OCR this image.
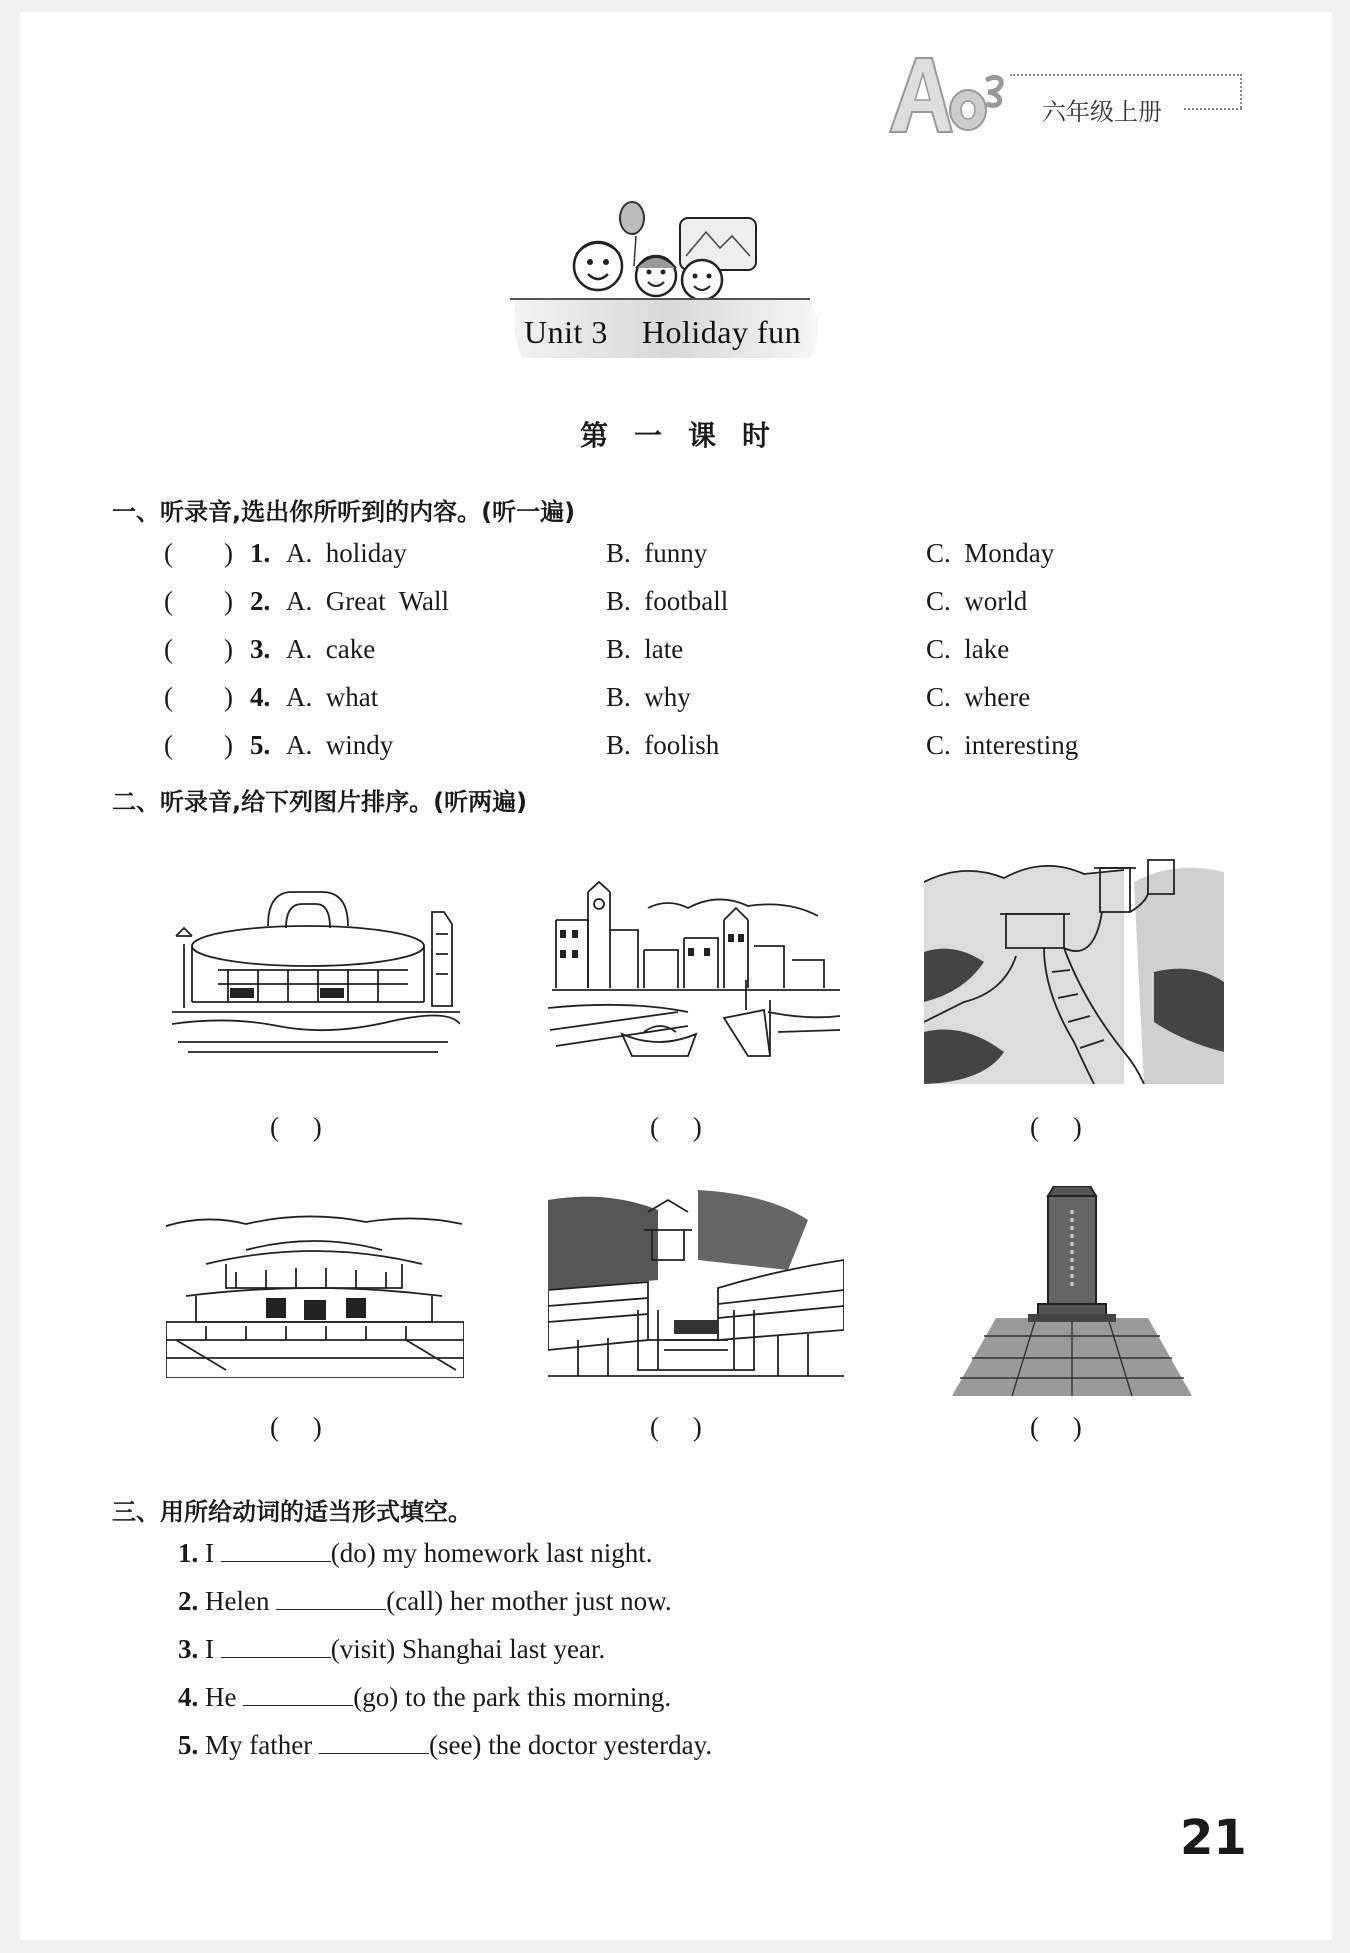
六年级上册
Unit 3    Holiday fun
第一课时
一、听录音,选出你所听到的内容。(听一遍)
( ) 1. A.  holiday	B.  funny	C.  Monday
( ) 2. A.  Great  Wall	B.  football	C.  world
( ) 3. A.  cake	B.  late	C.  lake
( ) 4. A.  what	B.  why	C.  where
( ) 5. A.  windy	B.  foolish	C.  interesting
二、听录音,给下列图片排序。(听两遍)
(     )	(     )	(     )
(     )	(     )	(     )
三、用所给动词的适当形式填空。
1. I	(do) my homework last night.
2. Helen	(call) her mother just now.
3. I	(visit) Shanghai last year.
4. He	(go) to the park this morning.
5. My father	(see) the doctor yesterday.
21
